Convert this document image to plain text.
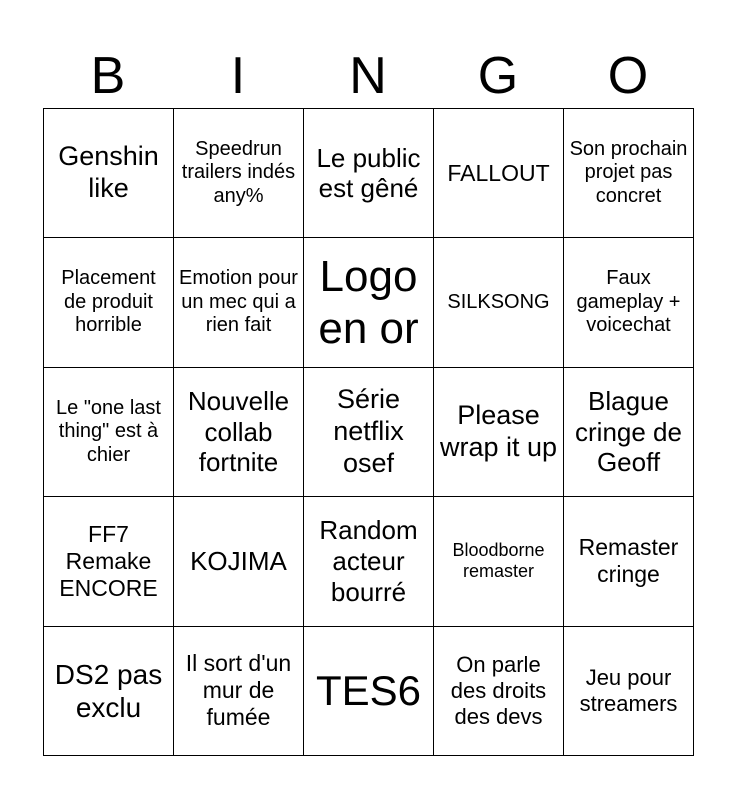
B	I	N	G	O
Genshin like	Speedrun trailers indés any%	Le public est gêné	FALLOUT	Son prochain projet pas concret
Placement de produit horrible	Emotion pour un mec qui a rien fait	Logo en or	SILKSONG	Faux gameplay + voicechat
Le "one last thing" est à chier	Nouvelle collab fortnite	Série netflix osef	Please wrap it up	Blague cringe de Geoff
FF7 Remake ENCORE	KOJIMA	Random acteur bourré	Bloodborne remaster	Remaster cringe
DS2 pas exclu	Il sort d'un mur de fumée	TES6	On parle des droits des devs	Jeu pour streamers
